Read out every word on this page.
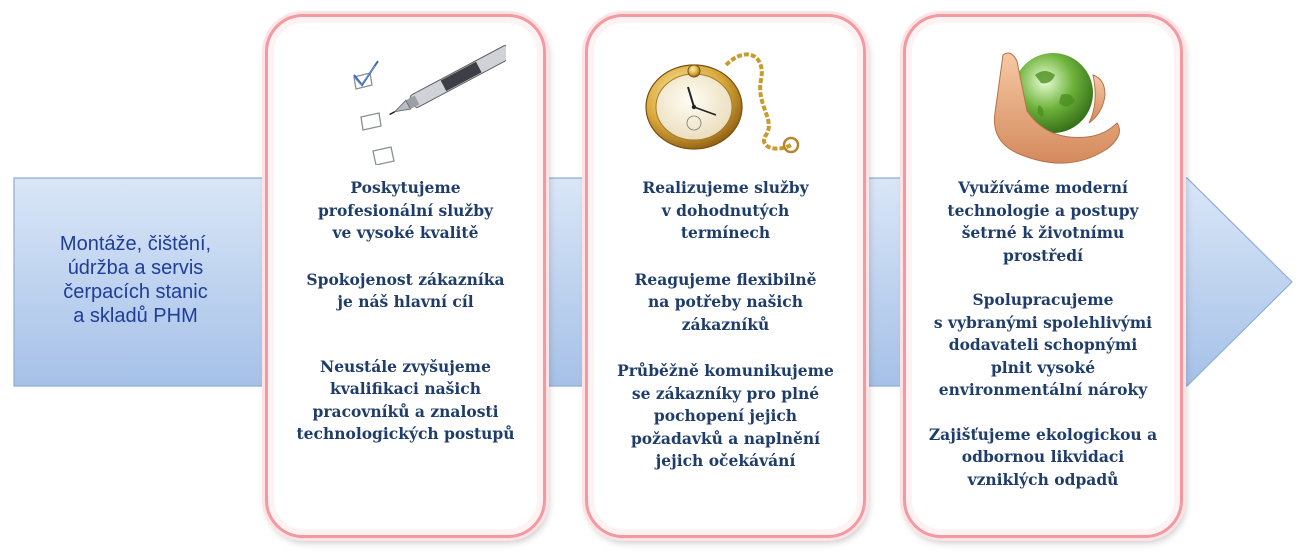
Montáže, čištění,
údržba a servis
čerpacích stanic
a skladů PHM

Poskytujeme
profesionální služby
ve vysoké kvalitě

Spokojenost zákazníka
je náš hlavní cíl

Neustále zvyšujeme
kvalifikaci našich
pracovníků a znalosti
technologických postupů

Realizujeme služby
v dohodnutých
termínech

Reagujeme flexibilně
na potřeby našich
zákazníků

Průběžně komunikujeme
se zákazníky pro plné
pochopení jejich
požadavků a naplnění
jejich očekávání

Využíváme moderní
technologie a postupy
šetrné k životnímu
prostředí

Spolupracujeme
s vybranými spolehlivými
dodavateli schopnými
plnit vysoké
environmentální nároky

Zajišťujeme ekologickou a
odbornou likvidaci
vzniklých odpadů
